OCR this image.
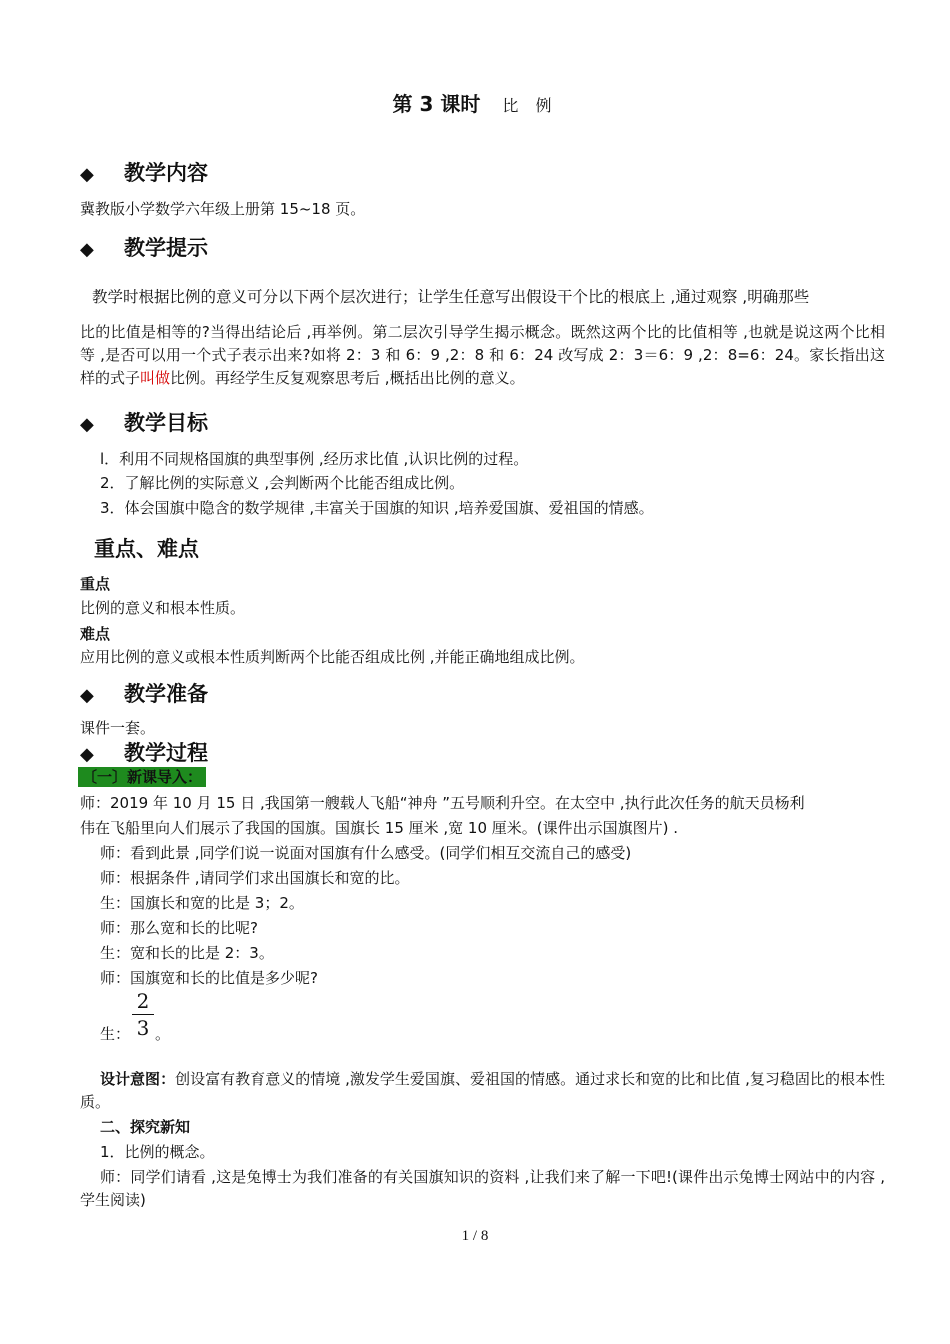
第 3 课时 比 例
◆ 教学内容
冀教版小学数学六年级上册第 15~18 页。
◆ 教学提示
教学时根据比例的意义可分以下两个层次进行；让学生任意写出假设干个比的根底上 ,通过观察 ,明确那些
比的比值是相等的?当得出结论后 ,再举例。第二层次引导学生揭示概念。既然这两个比的比值相等 ,也就是说这两个比相等 ,是否可以用一个式子表示出来?如将 2：3 和 6：9 ,2：8 和 6：24 改写成 2：3＝6：9 ,2：8=6：24。家长指出这样的式子叫做比例。再经学生反复观察思考后 ,概括出比例的意义。
◆ 教学目标
l．利用不同规格国旗的典型事例 ,经历求比值 ,认识比例的过程。
2．了解比例的实际意义 ,会判断两个比能否组成比例。
3．体会国旗中隐含的数学规律 ,丰富关于国旗的知识 ,培养爱国旗、爱祖国的情感。
重点、难点
重点
比例的意义和根本性质。
难点
应用比例的意义或根本性质判断两个比能否组成比例 ,并能正确地组成比例。
◆ 教学准备
课件一套。
◆ 教学过程
〔一〕新课导入：
师：2019 年 10 月 15 日 ,我国第一艘载人飞船“神舟 ”五号顺利升空。在太空中 ,执行此次任务的航天员杨利
伟在飞船里向人们展示了我国的国旗。国旗长 15 厘米 ,宽 10 厘米。(课件出示国旗图片) .
师：看到此景 ,同学们说一说面对国旗有什么感受。(同学们相互交流自己的感受)
师：根据条件 ,请同学们求出国旗长和宽的比。
生：国旗长和宽的比是 3；2。
师：那么宽和长的比呢?
生：宽和长的比是 2：3。
师：国旗宽和长的比值是多少呢?
生：
2
3 。
设计意图：创设富有教育意义的情境 ,激发学生爱国旗、爱祖国的情感。通过求长和宽的比和比值 ,复习稳固比的根本性质。
二、探究新知
1．比例的概念。
师：同学们请看 ,这是兔博士为我们准备的有关国旗知识的资料 ,让我们来了解一下吧!(课件出示兔博士网站中的内容 ,学生阅读)
1 / 8
